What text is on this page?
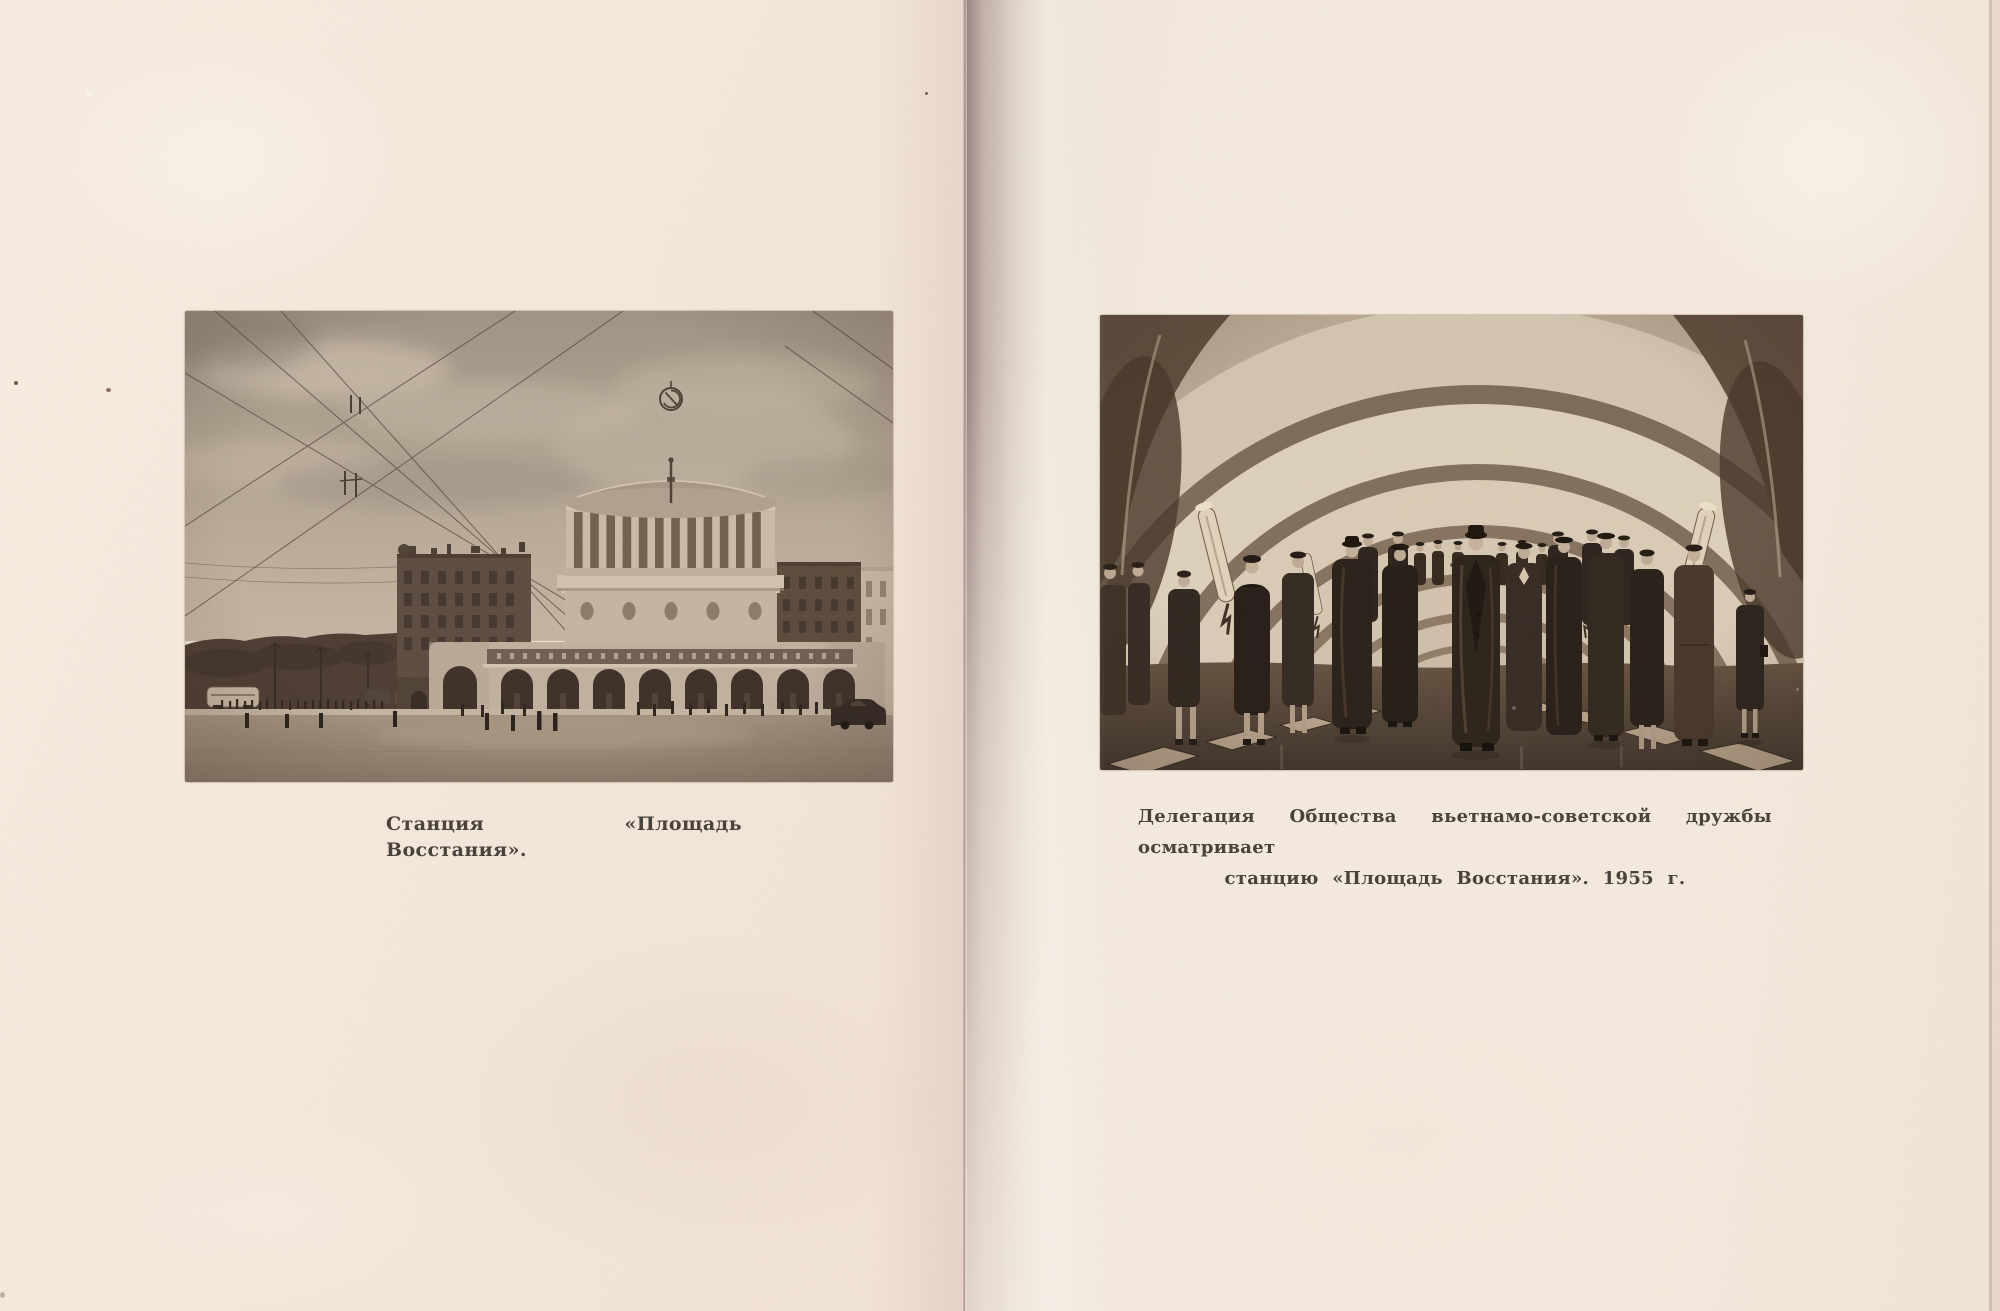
Станция «Площадь Восстания».
Делегация Общества вьетнамо-советской дружбы осматривает
станцию «Площадь Восстания». 1955 г.
